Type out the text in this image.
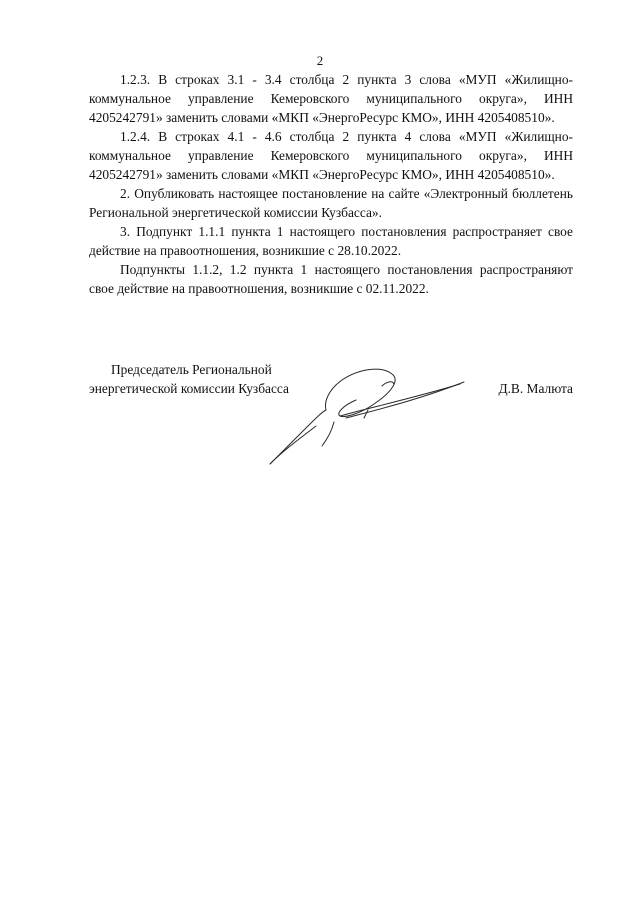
2

1.2.3. В строках 3.1 - 3.4 столбца 2 пункта 3 слова «МУП «Жилищно-коммунальное управление Кемеровского муниципального округа», ИНН 4205242791» заменить словами «МКП «ЭнергоРесурс КМО», ИНН 4205408510».

1.2.4. В строках 4.1 - 4.6 столбца 2 пункта 4 слова «МУП «Жилищно-коммунальное управление Кемеровского муниципального округа», ИНН 4205242791» заменить словами «МКП «ЭнергоРесурс КМО», ИНН 4205408510».

2. Опубликовать настоящее постановление на сайте «Электронный бюллетень Региональной энергетической комиссии Кузбасса».

3. Подпункт 1.1.1 пункта 1 настоящего постановления распространяет свое действие на правоотношения, возникшие с 28.10.2022.

Подпункты 1.1.2, 1.2 пункта 1 настоящего постановления распространяют свое действие на правоотношения, возникшие с 02.11.2022.

Председатель Региональной
энергетической комиссии Кузбасса	Д.В. Малюта
